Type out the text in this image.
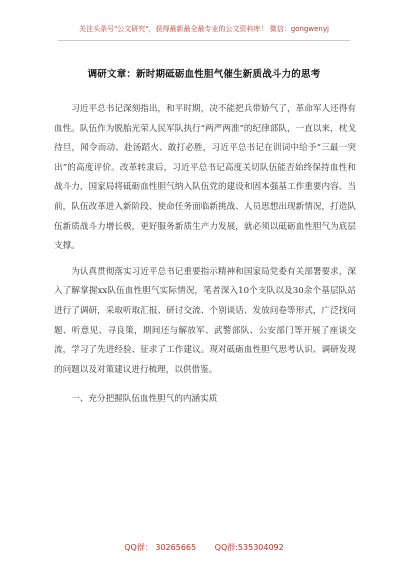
关注头条号"公文研究"，获得最新最全最专业的公文资料库！ 微信：gongwenyj
调研文章：新时期砥砺血性胆气催生新质战斗力的思考

习近平总书记深刻指出，和平时期，决不能把兵带娇气了，革命军人还得有血性。队伍作为脱胎光荣人民军队执行“两严两准”的纪律部队，一直以来，枕戈待旦，闻令而动、赴汤蹈火、敢打必胜，习近平总书记在训词中给予“三最一突出”的高度评价。改革转隶后，习近平总书记高度关切队伍能否始终保持血性和战斗力，国家局将砥砺血性胆气纳入队伍党的建设和固本强基工作重要内容。当前，队伍改革进入新阶段、使命任务面临新挑战、人员思想出现新情况，打造队伍新质战斗力增长极，更好服务新质生产力发展，就必须以砥砺血性胆气为底层支撑。

为认真贯彻落实习近平总书记重要指示精神和国家局党委有关部署要求，深入了解掌握xx队伍血性胆气实际情况，笔者深入10个支队以及30余个基层队站进行了调研，采取听取汇报、研讨交流、个别谈话、发放问卷等形式，广泛找问题、听意见、寻良策，期间还与解放军、武警部队、公安部门等开展了座谈交流，学习了先进经验、征求了工作建议。现对砥砺血性胆气思考认识、调研发现的问题以及对策建议进行梳理，以供借鉴。

一、充分把握队伍血性胆气的内涵实质

QQ群： 30265665 QQ群:535304092
